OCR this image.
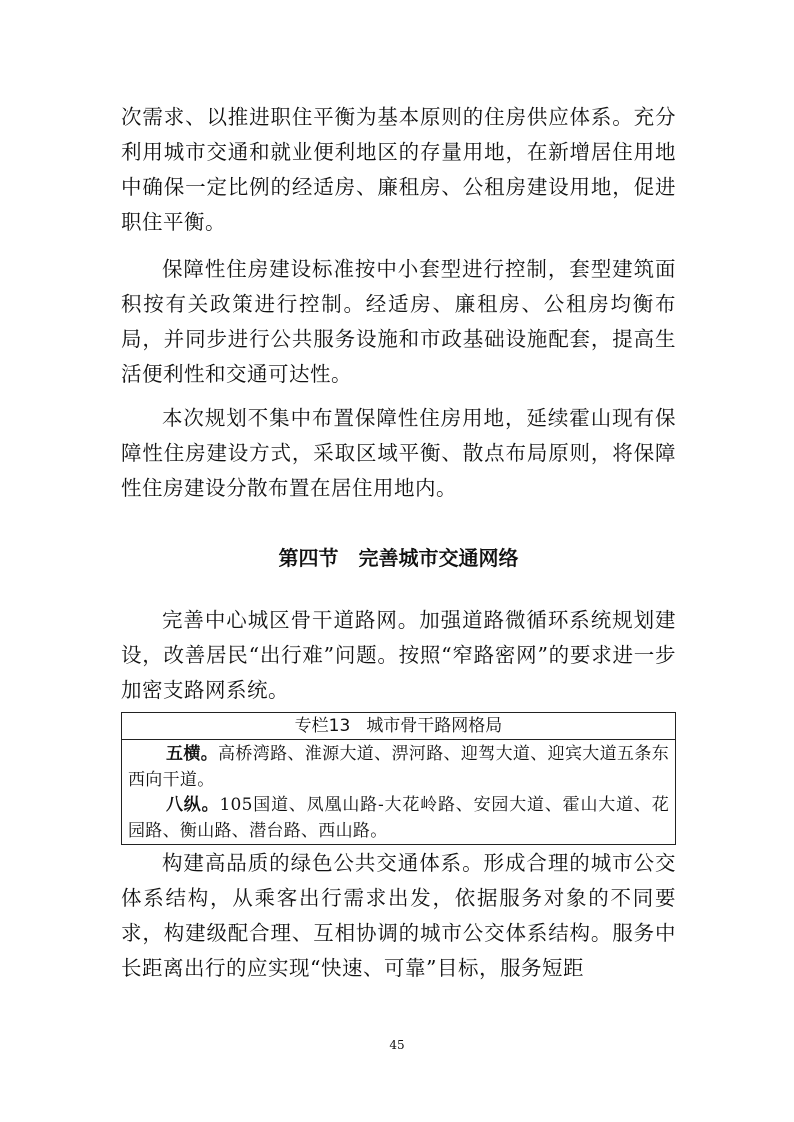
次需求、以推进职住平衡为基本原则的住房供应体系。充分利用城市交通和就业便利地区的存量用地，在新增居住用地中确保一定比例的经适房、廉租房、公租房建设用地，促进职住平衡。

保障性住房建设标准按中小套型进行控制，套型建筑面积按有关政策进行控制。经适房、廉租房、公租房均衡布局，并同步进行公共服务设施和市政基础设施配套，提高生活便利性和交通可达性。

本次规划不集中布置保障性住房用地，延续霍山现有保障性住房建设方式，采取区域平衡、散点布局原则，将保障性住房建设分散布置在居住用地内。

第四节　完善城市交通网络

完善中心城区骨干道路网。加强道路微循环系统规划建设，改善居民“出行难”问题。按照“窄路密网”的要求进一步加密支路网系统。

专栏13 城市骨干路网格局

五横。高桥湾路、淮源大道、淠河路、迎驾大道、迎宾大道五条东西向干道。

八纵。105国道、凤凰山路-大花岭路、安园大道、霍山大道、花园路、衡山路、潜台路、西山路。

构建高品质的绿色公共交通体系。形成合理的城市公交体系结构，从乘客出行需求出发，依据服务对象的不同要求，构建级配合理、互相协调的城市公交体系结构。服务中长距离出行的应实现“快速、可靠”目标，服务短距

45
